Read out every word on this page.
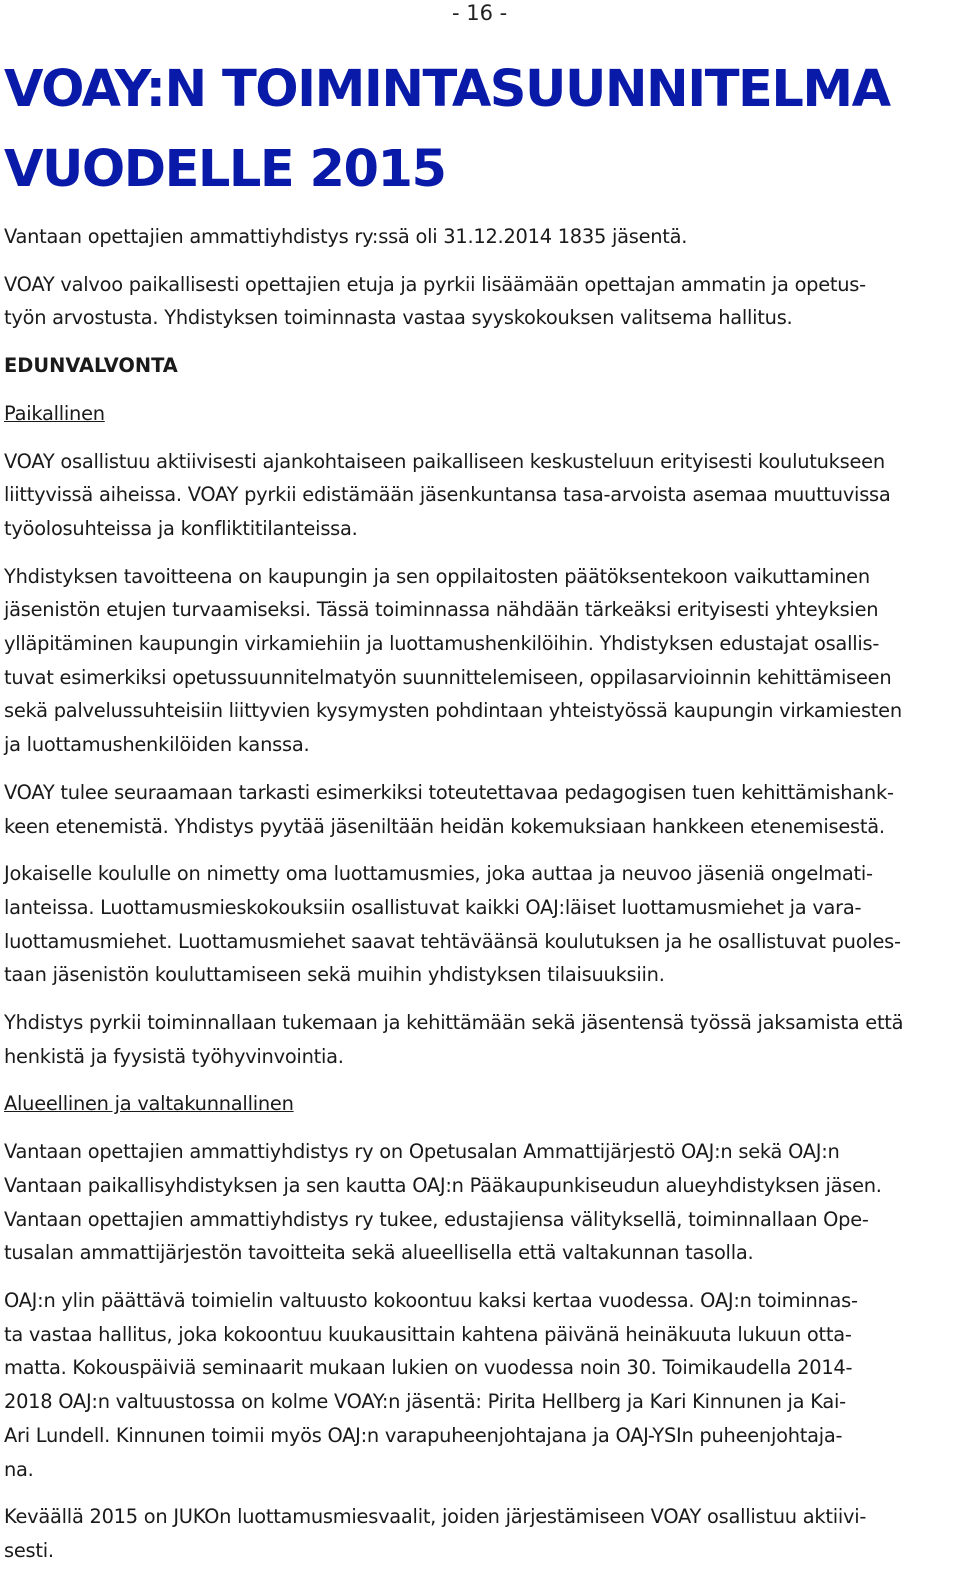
- 16 -
VOAY:N TOIMINTASUUNNITELMA
VUODELLE 2015

Vantaan opettajien ammattiyhdistys ry:ssä oli 31.12.2014 1835 jäsentä.

VOAY valvoo paikallisesti opettajien etuja ja pyrkii lisäämään opettajan ammatin ja opetus-
työn arvostusta. Yhdistyksen toiminnasta vastaa syyskokouksen valitsema hallitus.

EDUNVALVONTA
Paikallinen

VOAY osallistuu aktiivisesti ajankohtaiseen paikalliseen keskusteluun erityisesti koulutukseen
liittyvissä aiheissa. VOAY pyrkii edistämään jäsenkuntansa tasa-arvoista asemaa muuttuvissa
työolosuhteissa ja konfliktitilanteissa.

Yhdistyksen tavoitteena on kaupungin ja sen oppilaitosten päätöksentekoon vaikuttaminen
jäsenistön etujen turvaamiseksi. Tässä toiminnassa nähdään tärkeäksi erityisesti yhteyksien
ylläpitäminen kaupungin virkamiehiin ja luottamushenkilöihin. Yhdistyksen edustajat osallis-
tuvat esimerkiksi opetussuunnitelmatyön suunnittelemiseen, oppilasarvioinnin kehittämiseen
sekä palvelussuhteisiin liittyvien kysymysten pohdintaan yhteistyössä kaupungin virkamiesten
ja luottamushenkilöiden kanssa.

VOAY tulee seuraamaan tarkasti esimerkiksi toteutettavaa pedagogisen tuen kehittämishank-
keen etenemistä. Yhdistys pyytää jäseniltään heidän kokemuksiaan hankkeen etenemisestä.

Jokaiselle koululle on nimetty oma luottamusmies, joka auttaa ja neuvoo jäseniä ongelmati-
lanteissa. Luottamusmieskokouksiin osallistuvat kaikki OAJ:läiset luottamusmiehet ja vara-
luottamusmiehet. Luottamusmiehet saavat tehtäväänsä koulutuksen ja he osallistuvat puoles-
taan jäsenistön kouluttamiseen sekä muihin yhdistyksen tilaisuuksiin.

Yhdistys pyrkii toiminnallaan tukemaan ja kehittämään sekä jäsentensä työssä jaksamista että
henkistä ja fyysistä työhyvinvointia.

Alueellinen ja valtakunnallinen

Vantaan opettajien ammattiyhdistys ry on Opetusalan Ammattijärjestö OAJ:n sekä OAJ:n
Vantaan paikallisyhdistyksen ja sen kautta OAJ:n Pääkaupunkiseudun alueyhdistyksen jäsen.
Vantaan opettajien ammattiyhdistys ry tukee, edustajiensa välityksellä, toiminnallaan Ope-
tusalan ammattijärjestön tavoitteita sekä alueellisella että valtakunnan tasolla.

OAJ:n ylin päättävä toimielin valtuusto kokoontuu kaksi kertaa vuodessa. OAJ:n toiminnas-
ta vastaa hallitus, joka kokoontuu kuukausittain kahtena päivänä heinäkuuta lukuun otta-
matta. Kokouspäiviä seminaarit mukaan lukien on vuodessa noin 30. Toimikaudella 2014-
2018 OAJ:n valtuustossa on kolme VOAY:n jäsentä: Pirita Hellberg ja Kari Kinnunen ja Kai-
Ari Lundell. Kinnunen toimii myös OAJ:n varapuheenjohtajana ja OAJ-YSIn puheenjohtaja-
na.

Keväällä 2015 on JUKOn luottamusmiesvaalit, joiden järjestämiseen VOAY osallistuu aktiivi-
sesti.
